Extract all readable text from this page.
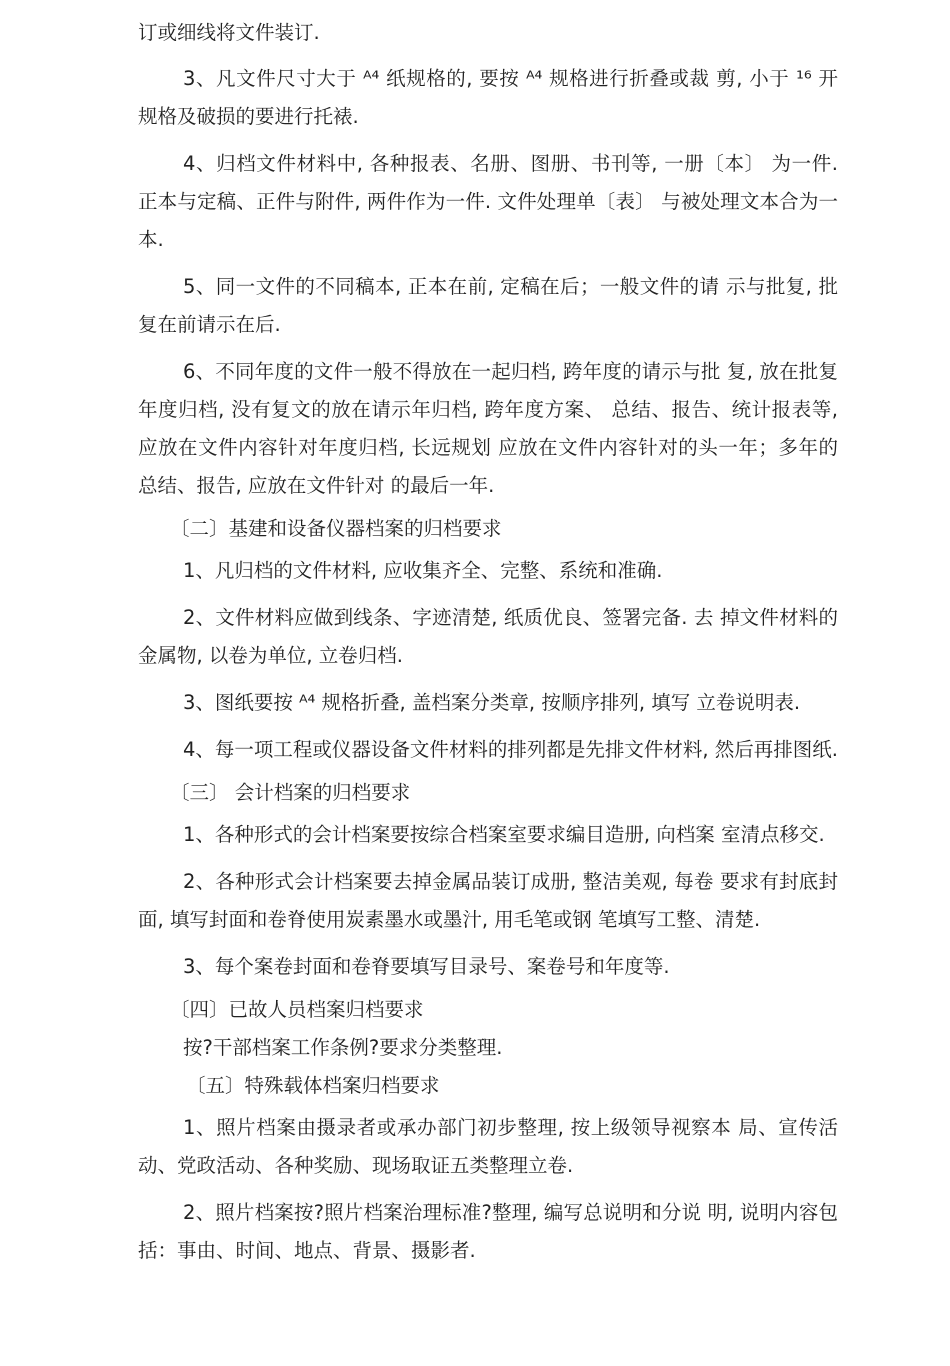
订或细线将文件装订.

3、凡文件尺寸大于 ᴬ⁴ 纸规格的, 要按 ᴬ⁴ 规格进行折叠或裁 剪, 小于 ¹⁶ 开规格及破损的要进行托裱.

4、归档文件材料中, 各种报表、名册、图册、书刊等, 一册〔本〕 为一件. 正本与定稿、正件与附件, 两件作为一件. 文件处理单〔表〕 与被处理文本合为一本.

5、同一文件的不同稿本, 正本在前, 定稿在后；一般文件的请 示与批复, 批复在前请示在后.

6、不同年度的文件一般不得放在一起归档, 跨年度的请示与批 复, 放在批复年度归档, 没有复文的放在请示年归档, 跨年度方案、 总结、报告、统计报表等, 应放在文件内容针对年度归档, 长远规划 应放在文件内容针对的头一年；多年的总结、报告, 应放在文件针对 的最后一年.

〔二〕基建和设备仪器档案的归档要求

1、凡归档的文件材料, 应收集齐全、完整、系统和准确.

2、文件材料应做到线条、字迹清楚, 纸质优良、签署完备. 去 掉文件材料的金属物, 以卷为单位, 立卷归档.

3、图纸要按 ᴬ⁴ 规格折叠, 盖档案分类章, 按顺序排列, 填写 立卷说明表.

4、每一项工程或仪器设备文件材料的排列都是先排文件材料, 然后再排图纸.

〔三〕 会计档案的归档要求

1、各种形式的会计档案要按综合档案室要求编目造册, 向档案 室清点移交.

2、各种形式会计档案要去掉金属品装订成册, 整洁美观, 每卷 要求有封底封面, 填写封面和卷脊使用炭素墨水或墨汁, 用毛笔或钢 笔填写工整、清楚.

3、每个案卷封面和卷脊要填写目录号、案卷号和年度等.

〔四〕已故人员档案归档要求

按?干部档案工作条例?要求分类整理.

〔五〕特殊载体档案归档要求

1、照片档案由摄录者或承办部门初步整理, 按上级领导视察本 局、宣传活动、党政活动、各种奖励、现场取证五类整理立卷.

2、照片档案按?照片档案治理标准?整理, 编写总说明和分说 明, 说明内容包括：事由、时间、地点、背景、摄影者.
